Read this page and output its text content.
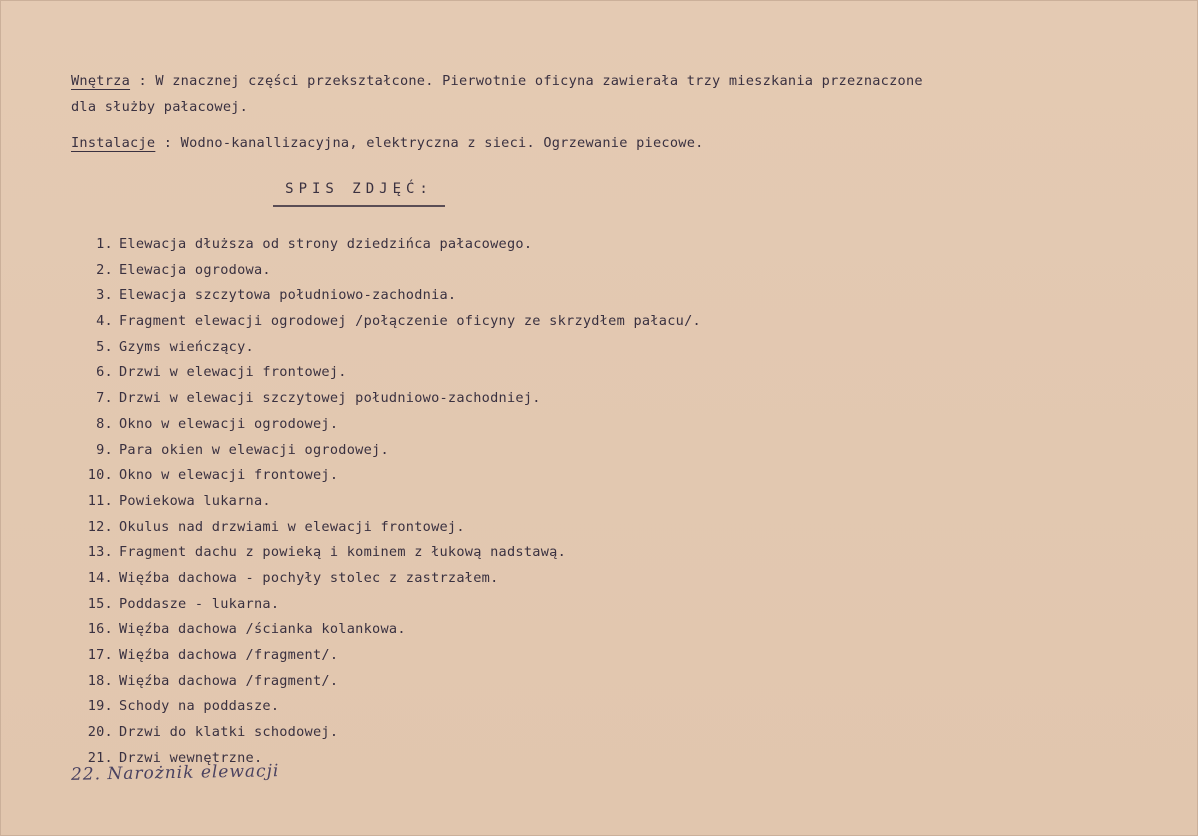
Wnętrza : W znacznej części przekształcone. Pierwotnie oficyna zawierała trzy mieszkania przeznaczone
dla służby pałacowej.
Instalacje : Wodno-kanallizacyjna, elektryczna z sieci. Ogrzewanie piecowe.
SPIS ZDJĘĆ:
1. Elewacja dłuższa od strony dziedzińca pałacowego.
2. Elewacja ogrodowa.
3. Elewacja szczytowa południowo-zachodnia.
4. Fragment elewacji ogrodowej /połączenie oficyny ze skrzydłem pałacu/.
5. Gzyms wieńczący.
6. Drzwi w elewacji frontowej.
7. Drzwi w elewacji szczytowej południowo-zachodniej.
8. Okno w elewacji ogrodowej.
9. Para okien w elewacji ogrodowej.
10. Okno w elewacji frontowej.
11. Powiekowa lukarna.
12. Okulus nad drzwiami w elewacji frontowej.
13. Fragment dachu z powieką i kominem z łukową nadstawą.
14. Więźba dachowa - pochyły stolec z zastrzałem.
15. Poddasze - lukarna.
16. Więźba dachowa /ścianka kolankowa.
17. Więźba dachowa /fragment/.
18. Więźba dachowa /fragment/.
19. Schody na poddasze.
20. Drzwi do klatki schodowej.
21. Drzwi wewnętrzne.
22. Narożnik elewacji
